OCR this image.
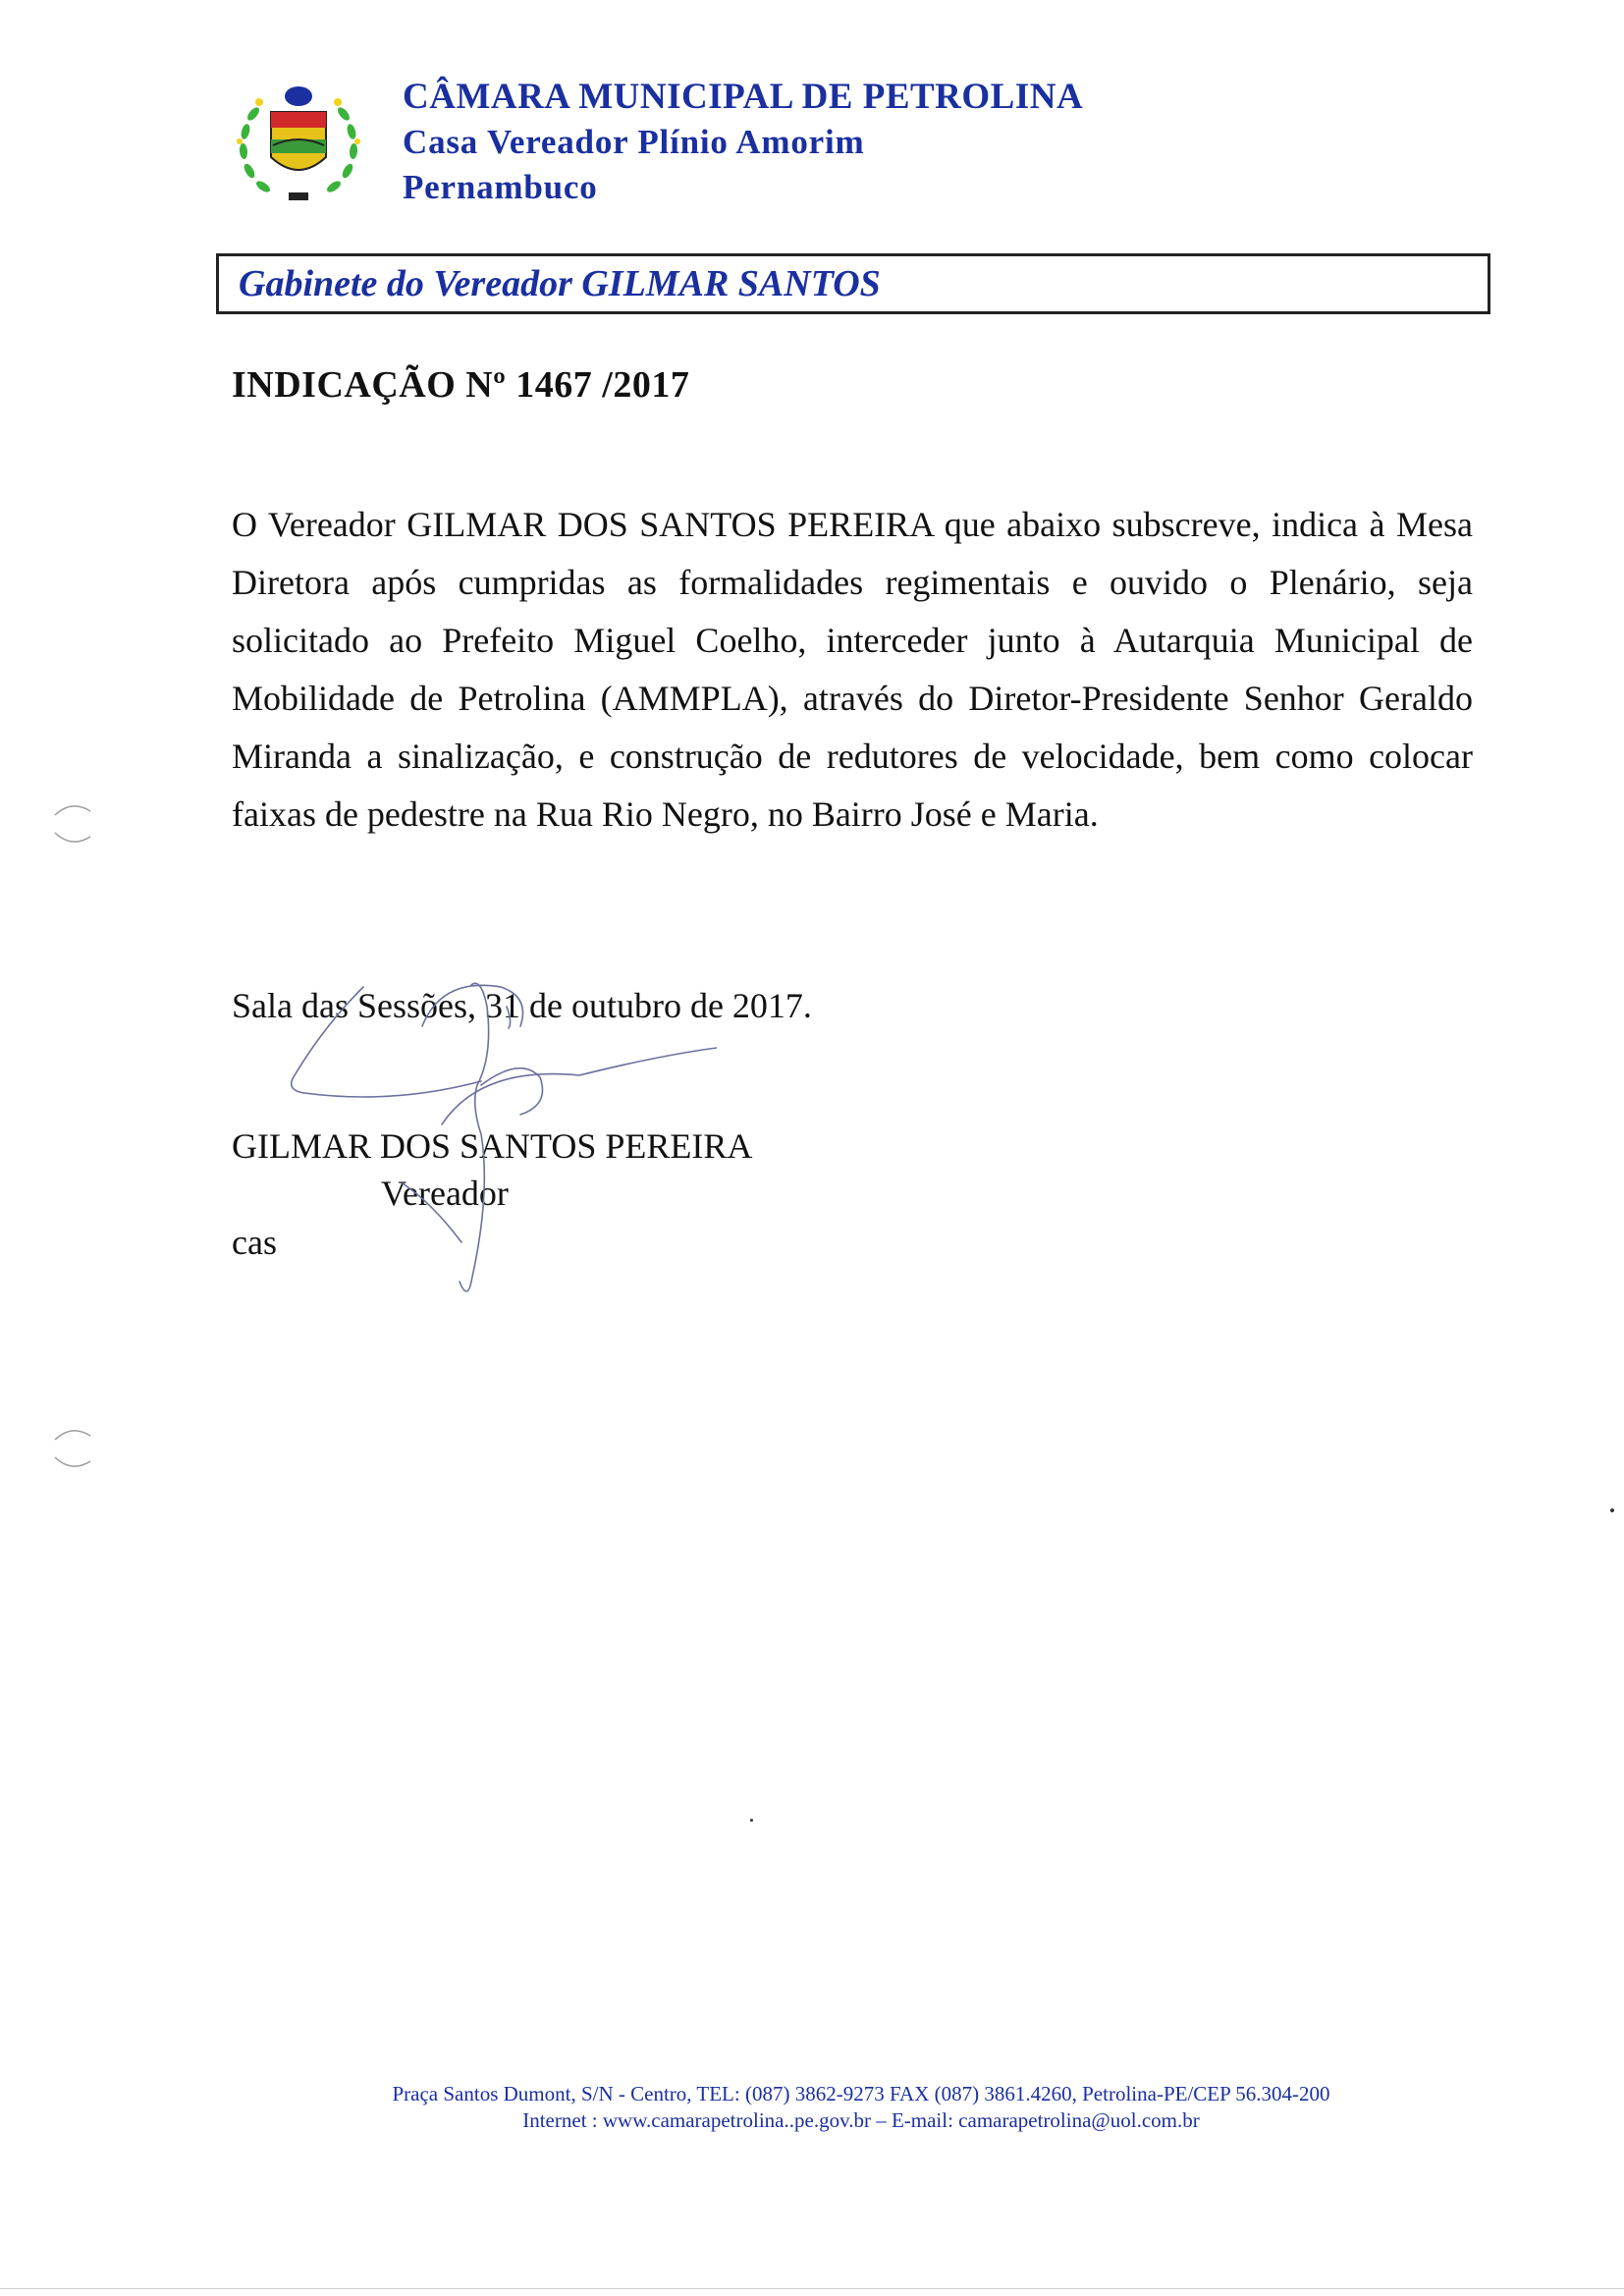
CÂMARA MUNICIPAL DE PETROLINA
Casa Vereador Plínio Amorim
Pernambuco
Gabinete do Vereador GILMAR SANTOS
INDICAÇÃO Nº 1467 /2017
O Vereador GILMAR DOS SANTOS PEREIRA que abaixo subscreve, indica à Mesa Diretora após cumpridas as formalidades regimentais e ouvido o Plenário, seja solicitado ao Prefeito Miguel Coelho, interceder junto à Autarquia Municipal de Mobilidade de Petrolina (AMMPLA), através do Diretor-Presidente Senhor Geraldo Miranda a sinalização, e construção de redutores de velocidade, bem como colocar faixas de pedestre na Rua Rio Negro, no Bairro José e Maria.
Sala das Sessões, 31 de outubro de 2017.
GILMAR DOS SANTOS PEREIRA
Vereador
cas
Praça Santos Dumont, S/N - Centro, TEL: (087) 3862-9273 FAX (087) 3861.4260, Petrolina-PE/CEP 56.304-200
Internet : www.camarapetrolina..pe.gov.br – E-mail: camarapetrolina@uol.com.br
